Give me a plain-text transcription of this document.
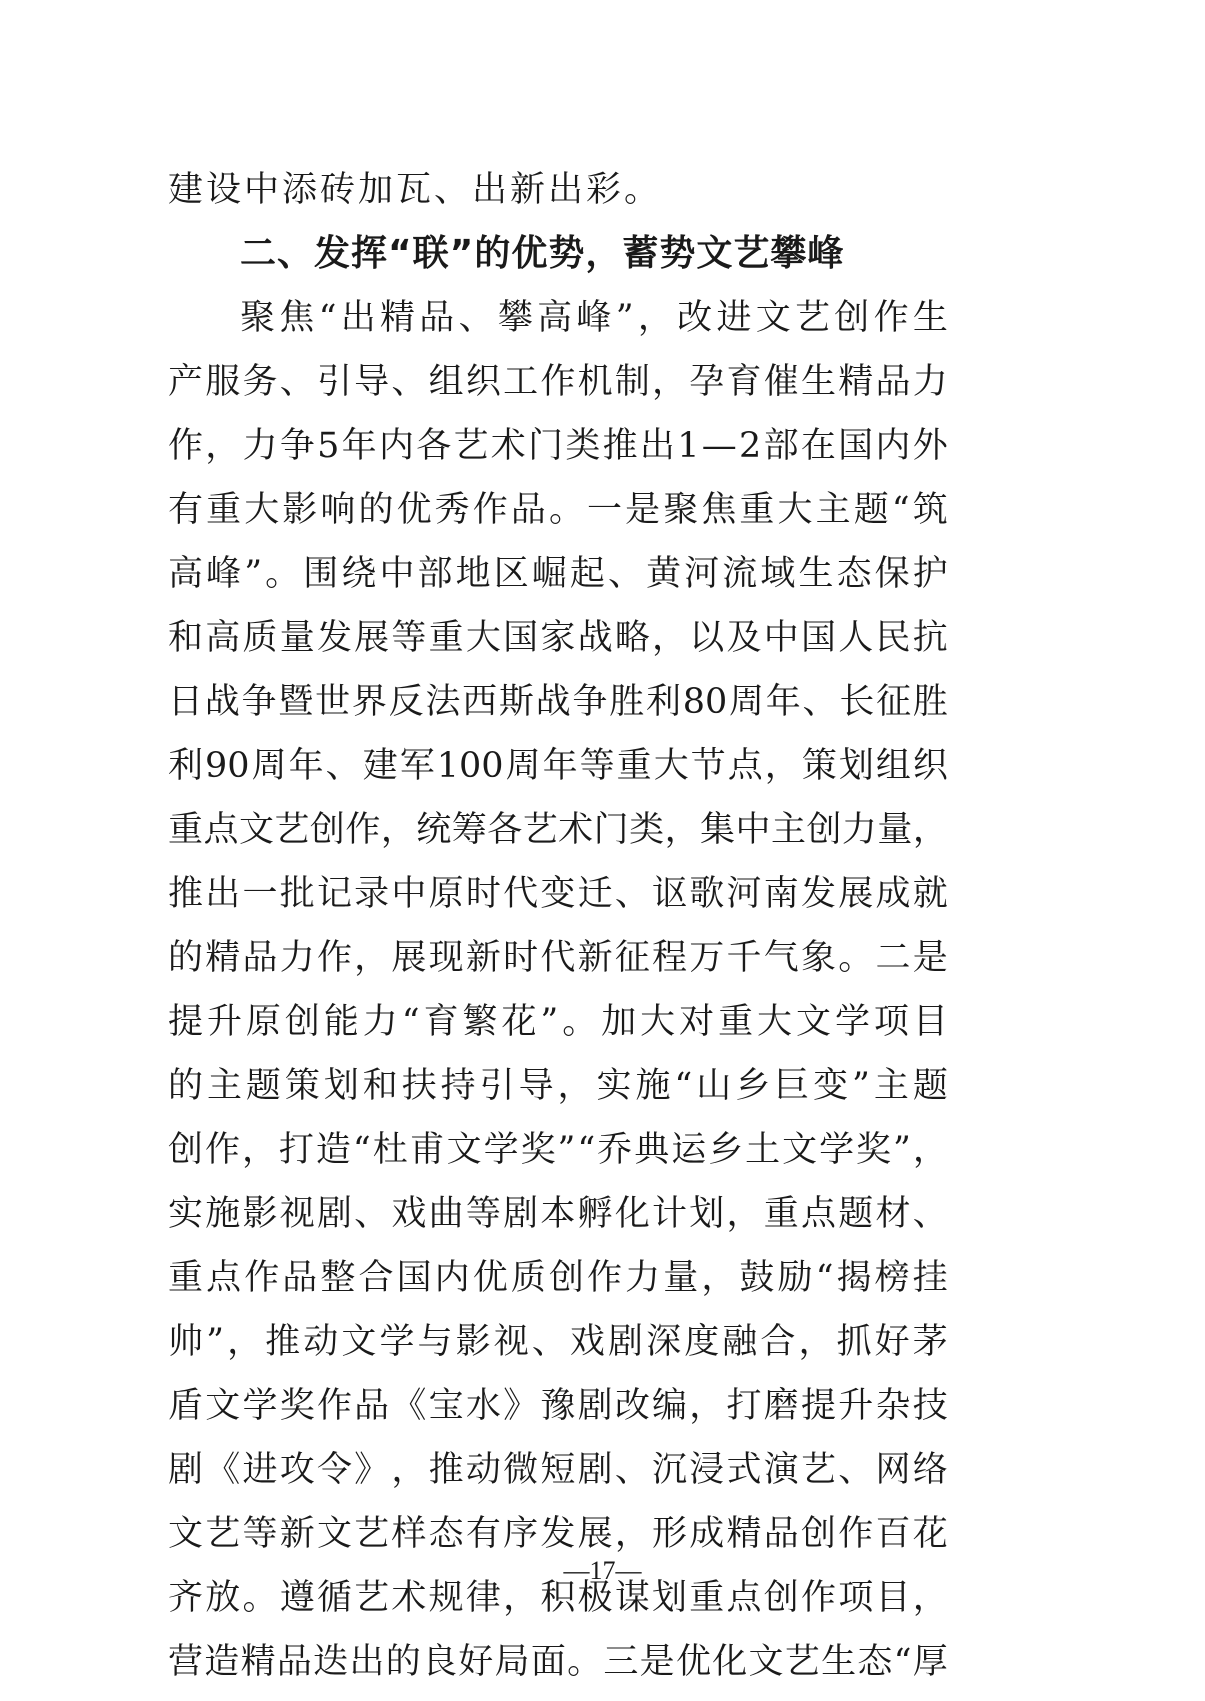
建设中添砖加瓦、出新出彩。
二、发挥“联”的优势，蓄势文艺攀峰
聚 焦 “ 出 精 品 、 攀 高 峰 ” ， 改 进 文 艺 创 作 生
产 服 务 、 引 导 、 组 织 工 作 机 制 ， 孕 育 催 生 精 品 力
作 ， 力 争 5 年 内 各 艺 术 门 类 推 出 1 — 2 部 在 国 内 外
有 重 大 影 响 的 优 秀 作 品 。 一 是 聚 焦 重 大 主 题 “ 筑
高 峰 ” 。 围 绕 中 部 地 区 崛 起 、 黄 河 流 域 生 态 保 护
和 高 质 量 发 展 等 重 大 国 家 战 略 ， 以 及 中 国 人 民 抗
日 战 争 暨 世 界 反 法 西 斯 战 争 胜 利 80 周 年 、 长 征 胜
利 90 周 年 、 建 军 100 周 年 等 重 大 节 点 ， 策 划 组 织
重 点 文 艺 创 作 ， 统 筹 各 艺 术 门 类 ， 集 中 主 创 力 量 ，
推 出 一 批 记 录 中 原 时 代 变 迁 、 讴 歌 河 南 发 展 成 就
的 精 品 力 作 ， 展 现 新 时 代 新 征 程 万 千 气 象 。 二 是
提 升 原 创 能 力 “ 育 繁 花 ” 。 加 大 对 重 大 文 学 项 目
的 主 题 策 划 和 扶 持 引 导 ， 实 施 “ 山 乡 巨 变 ” 主 题
创 作 ， 打 造 “ 杜 甫 文 学 奖 ” “ 乔 典 运 乡 土 文 学 奖 ” ，
实 施 影 视 剧 、 戏 曲 等 剧 本 孵 化 计 划 ， 重 点 题 材 、
重 点 作 品 整 合 国 内 优 质 创 作 力 量 ， 鼓 励 “ 揭 榜 挂
帅 ” ， 推 动 文 学 与 影 视 、 戏 剧 深 度 融 合 ， 抓 好 茅
盾 文 学 奖 作 品 《 宝 水 》 豫 剧 改 编 ， 打 磨 提 升 杂 技
剧 《 进 攻 令 》 ， 推 动 微 短 剧 、 沉 浸 式 演 艺 、 网 络
文 艺 等 新 文 艺 样 态 有 序 发 展 ， 形 成 精 品 创 作 百 花
齐 放 。 遵 循 艺 术 规 律 ， 积 极 谋 划 重 点 创 作 项 目 ，
营 造 精 品 迭 出 的 良 好 局 面 。 三 是 优 化 文 艺 生 态 “ 厚
—17—
